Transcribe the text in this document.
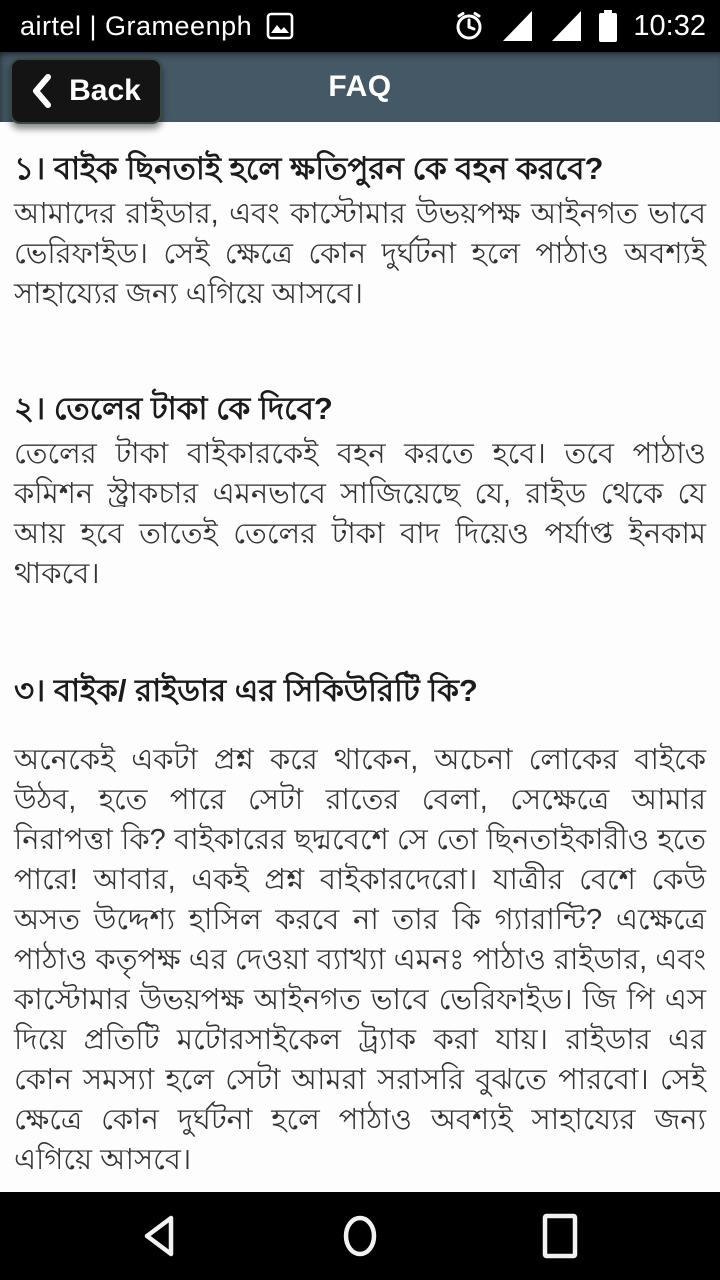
airtel | Grameenph	10:32
Back	FAQ
১। বাইক ছিনতাই হলে ক্ষতিপুরন কে বহন করবে?

আমাদের রাইডার, এবং কাস্টোমার উভয়পক্ষ আইনগত ভাবে ভেরিফাইড। সেই ক্ষেত্রে কোন দুর্ঘটনা হলে পাঠাও অবশ্যই সাহায্যের জন্য এগিয়ে আসবে।

২। তেলের টাকা কে দিবে?

তেলের টাকা বাইকারকেই বহন করতে হবে। তবে পাঠাও কমিশন স্ট্রাকচার এমনভাবে সাজিয়েছে যে, রাইড থেকে যে আয় হবে তাতেই তেলের টাকা বাদ দিয়েও পর্যাপ্ত ইনকাম থাকবে।

৩। বাইক/ রাইডার এর সিকিউরিটি কি?

অনেকেই একটা প্রশ্ন করে থাকেন, অচেনা লোকের বাইকে উঠব, হতে পারে সেটা রাতের বেলা, সেক্ষেত্রে আমার নিরাপত্তা কি? বাইকারের ছদ্মবেশে সে তো ছিনতাইকারীও হতে পারে! আবার, একই প্রশ্ন বাইকারদেরো। যাত্রীর বেশে কেউ অসত উদ্দেশ্য হাসিল করবে না তার কি গ্যারান্টি? এক্ষেত্রে পাঠাও কতৃপক্ষ এর দেওয়া ব্যাখ্যা এমনঃ পাঠাও রাইডার, এবং কাস্টোমার উভয়পক্ষ আইনগত ভাবে ভেরিফাইড। জি পি এস দিয়ে প্রতিটি মটোরসাইকেল ট্র্যাক করা যায়। রাইডার এর কোন সমস্যা হলে সেটা আমরা সরাসরি বুঝতে পারবো। সেই ক্ষেত্রে কোন দুর্ঘটনা হলে পাঠাও অবশ্যই সাহায্যের জন্য এগিয়ে আসবে।
